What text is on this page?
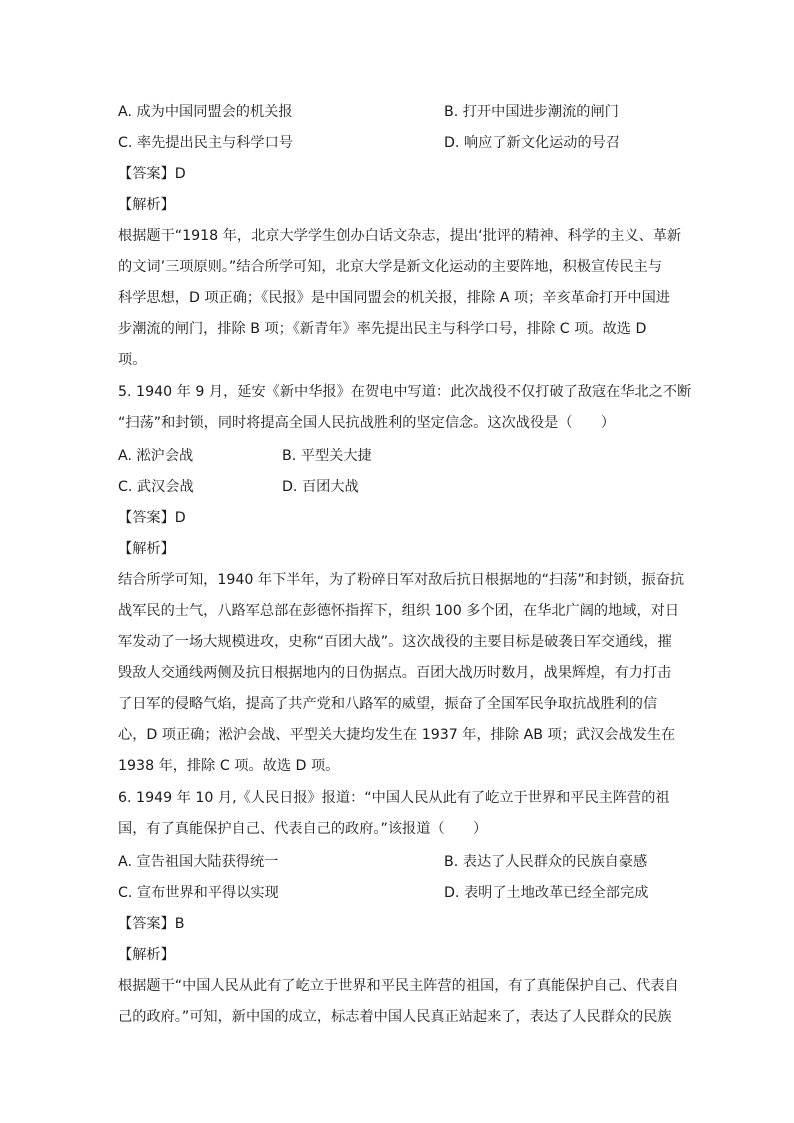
A. 成为中国同盟会的机关报	B. 打开中国进步潮流的闸门
C. 率先提出民主与科学口号	D. 响应了新文化运动的号召
【答案】D
【解析】
根据题干“1918 年，北京大学学生创办白话文杂志，提出‘批评的精神、科学的主义、革新
的文词’三项原则。”结合所学可知，北京大学是新文化运动的主要阵地，积极宣传民主与
科学思想，D 项正确；《民报》是中国同盟会的机关报，排除 A 项；辛亥革命打开中国进
步潮流的闸门，排除 B 项；《新青年》率先提出民主与科学口号，排除 C 项。故选 D
项。
5. 1940 年 9 月，延安《新中华报》在贺电中写道：此次战役不仅打破了敌寇在华北之不断
“扫荡”和封锁，同时将提高全国人民抗战胜利的坚定信念。这次战役是（　　）
A. 淞沪会战	B. 平型关大捷
C. 武汉会战	D. 百团大战
【答案】D
【解析】
结合所学可知，1940 年下半年，为了粉碎日军对敌后抗日根据地的“扫荡”和封锁，振奋抗
战军民的士气，八路军总部在彭德怀指挥下，组织 100 多个团，在华北广阔的地域，对日
军发动了一场大规模进攻，史称“百团大战”。这次战役的主要目标是破袭日军交通线，摧
毁敌人交通线两侧及抗日根据地内的日伪据点。百团大战历时数月，战果辉煌，有力打击
了日军的侵略气焰，提高了共产党和八路军的威望，振奋了全国军民争取抗战胜利的信
心，D 项正确；淞沪会战、平型关大捷均发生在 1937 年，排除 AB 项；武汉会战发生在
1938 年，排除 C 项。故选 D 项。
6. 1949 年 10 月,《人民日报》报道：“中国人民从此有了屹立于世界和平民主阵营的祖
国，有了真能保护自己、代表自己的政府。”该报道（　　）
A. 宣告祖国大陆获得统一	B. 表达了人民群众的民族自豪感
C. 宣布世界和平得以实现	D. 表明了土地改革已经全部完成
【答案】B
【解析】
根据题干“中国人民从此有了屹立于世界和平民主阵营的祖国，有了真能保护自己、代表自
己的政府。”可知，新中国的成立，标志着中国人民真正站起来了，表达了人民群众的民族
